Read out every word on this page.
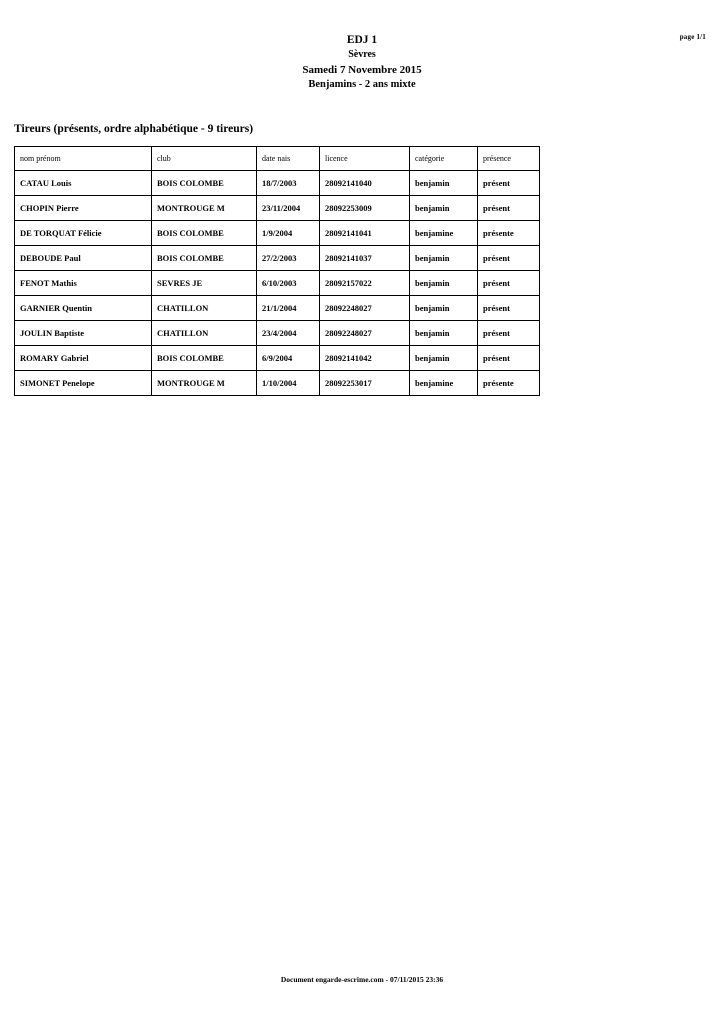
page 1/1
EDJ 1
Sèvres
Samedi 7 Novembre 2015
Benjamins - 2 ans mixte
Tireurs (présents, ordre alphabétique - 9 tireurs)
nom prénom	club	date nais	licence	catégorie	présence
CATAU Louis	BOIS COLOMBE	18/7/2003	28092141040	benjamin	présent
CHOPIN Pierre	MONTROUGE M	23/11/2004	28092253009	benjamin	présent
DE TORQUAT Félicie	BOIS COLOMBE	1/9/2004	28092141041	benjamine	présente
DEBOUDE Paul	BOIS COLOMBE	27/2/2003	28092141037	benjamin	présent
FENOT Mathis	SEVRES JE	6/10/2003	28092157022	benjamin	présent
GARNIER Quentin	CHATILLON	21/1/2004	28092248027	benjamin	présent
JOULIN Baptiste	CHATILLON	23/4/2004	28092248027	benjamin	présent
ROMARY Gabriel	BOIS COLOMBE	6/9/2004	28092141042	benjamin	présent
SIMONET Penelope	MONTROUGE M	1/10/2004	28092253017	benjamine	présente
Document engarde-escrime.com - 07/11/2015 23:36
